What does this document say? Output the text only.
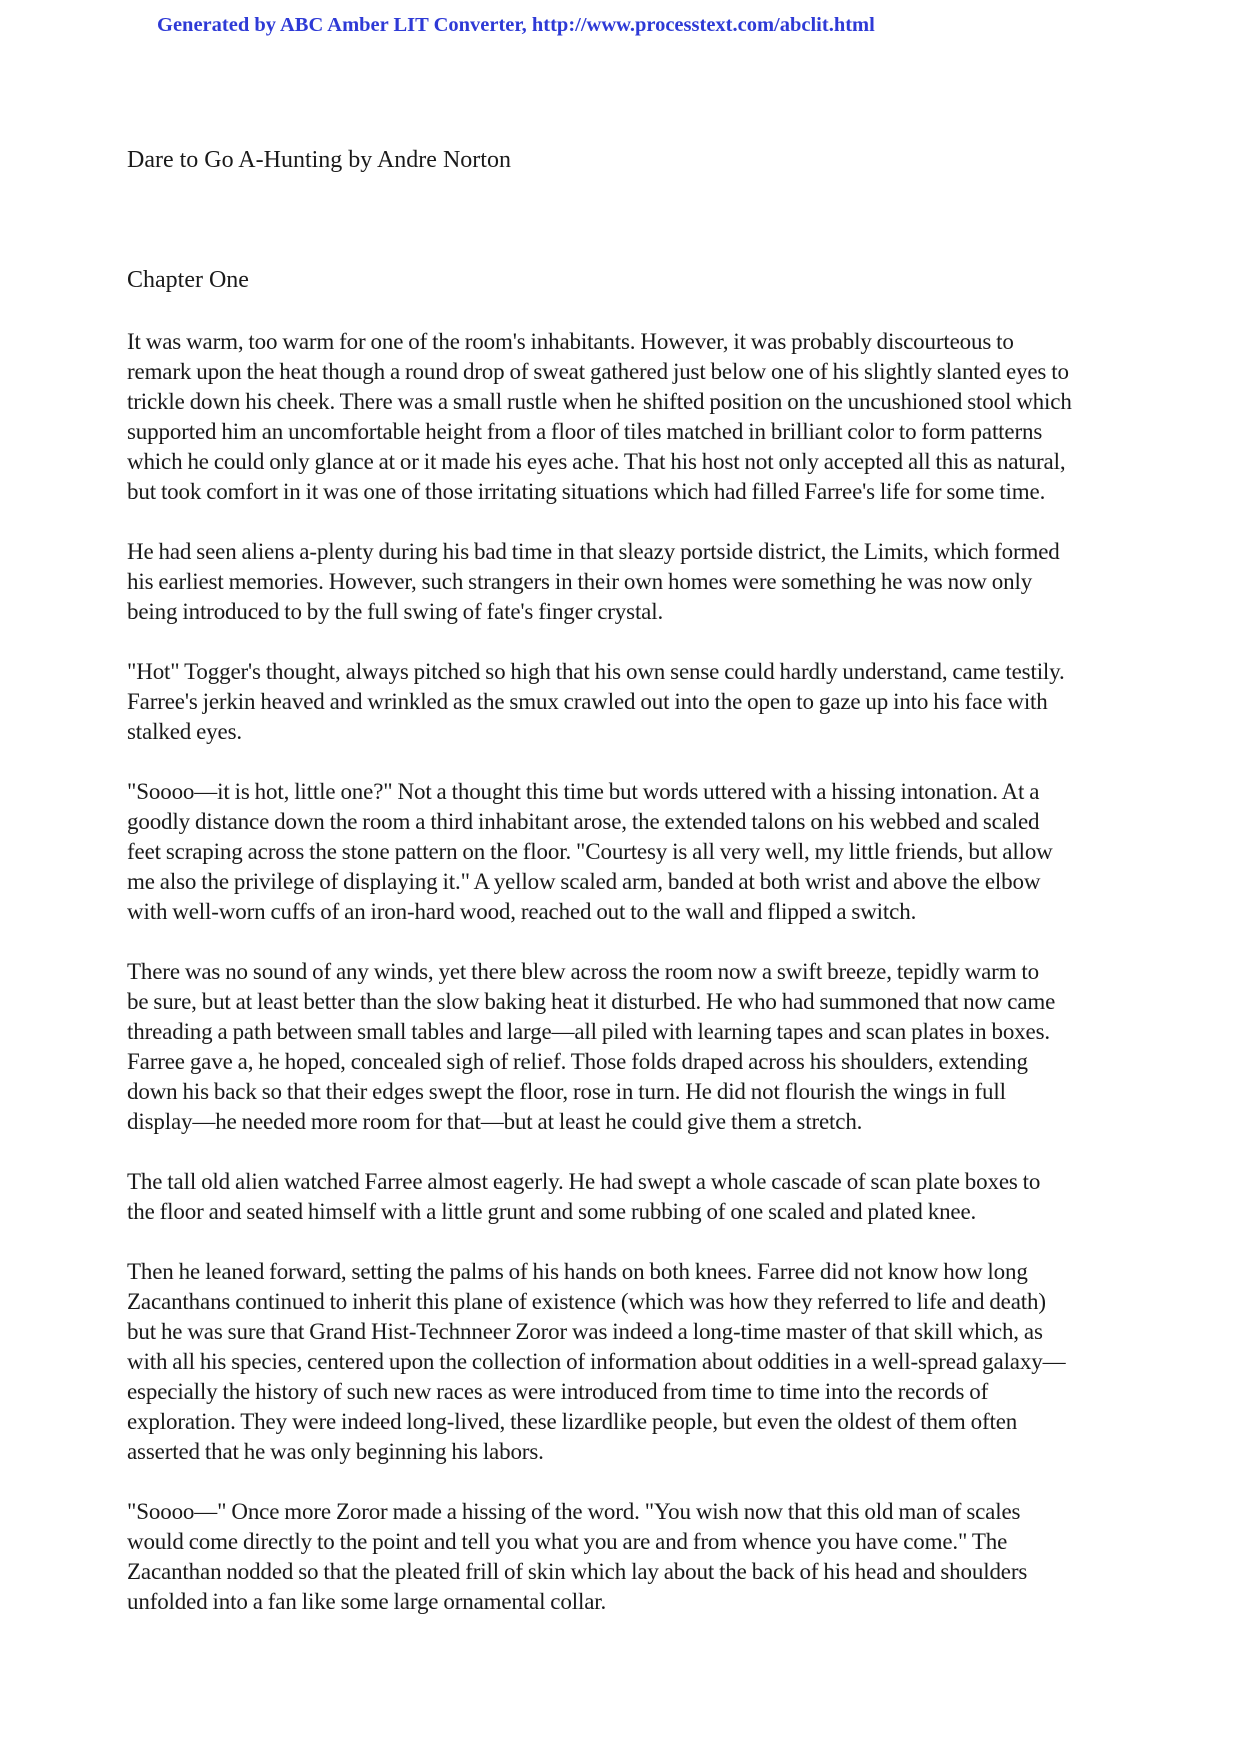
Generated by ABC Amber LIT Converter, http://www.processtext.com/abclit.html
Dare to Go A-Hunting by Andre Norton
Chapter One
It was warm, too warm for one of the room's inhabitants. However, it was probably discourteous to
remark upon the heat though a round drop of sweat gathered just below one of his slightly slanted eyes to
trickle down his cheek. There was a small rustle when he shifted position on the uncushioned stool which
supported him an uncomfortable height from a floor of tiles matched in brilliant color to form patterns
which he could only glance at or it made his eyes ache. That his host not only accepted all this as natural,
but took comfort in it was one of those irritating situations which had filled Farree's life for some time.
He had seen aliens a-plenty during his bad time in that sleazy portside district, the Limits, which formed
his earliest memories. However, such strangers in their own homes were something he was now only
being introduced to by the full swing of fate's finger crystal.
"Hot" Togger's thought, always pitched so high that his own sense could hardly understand, came testily.
Farree's jerkin heaved and wrinkled as the smux crawled out into the open to gaze up into his face with
stalked eyes.
"Soooo—it is hot, little one?" Not a thought this time but words uttered with a hissing intonation. At a
goodly distance down the room a third inhabitant arose, the extended talons on his webbed and scaled
feet scraping across the stone pattern on the floor. "Courtesy is all very well, my little friends, but allow
me also the privilege of displaying it." A yellow scaled arm, banded at both wrist and above the elbow
with well-worn cuffs of an iron-hard wood, reached out to the wall and flipped a switch.
There was no sound of any winds, yet there blew across the room now a swift breeze, tepidly warm to
be sure, but at least better than the slow baking heat it disturbed. He who had summoned that now came
threading a path between small tables and large—all piled with learning tapes and scan plates in boxes.
Farree gave a, he hoped, concealed sigh of relief. Those folds draped across his shoulders, extending
down his back so that their edges swept the floor, rose in turn. He did not flourish the wings in full
display—he needed more room for that—but at least he could give them a stretch.
The tall old alien watched Farree almost eagerly. He had swept a whole cascade of scan plate boxes to
the floor and seated himself with a little grunt and some rubbing of one scaled and plated knee.
Then he leaned forward, setting the palms of his hands on both knees. Farree did not know how long
Zacanthans continued to inherit this plane of existence (which was how they referred to life and death)
but he was sure that Grand Hist-Technneer Zoror was indeed a long-time master of that skill which, as
with all his species, centered upon the collection of information about oddities in a well-spread galaxy—
especially the history of such new races as were introduced from time to time into the records of
exploration. They were indeed long-lived, these lizardlike people, but even the oldest of them often
asserted that he was only beginning his labors.
"Soooo—" Once more Zoror made a hissing of the word. "You wish now that this old man of scales
would come directly to the point and tell you what you are and from whence you have come." The
Zacanthan nodded so that the pleated frill of skin which lay about the back of his head and shoulders
unfolded into a fan like some large ornamental collar.
